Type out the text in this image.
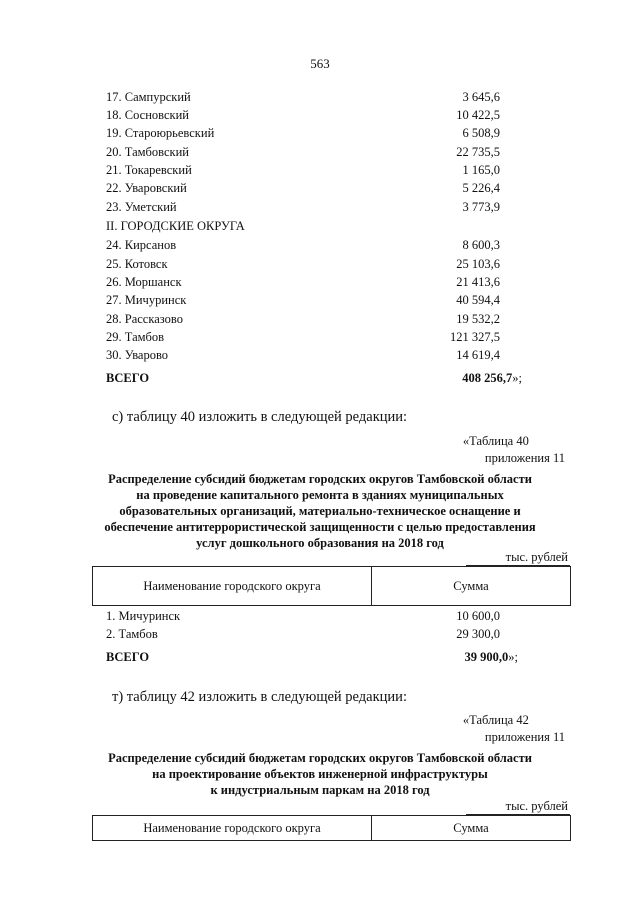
563
17. Сампурский	3 645,6
18. Сосновский	10 422,5
19. Староюрьевский	6 508,9
20. Тамбовский	22 735,5
21. Токаревский	1 165,0
22. Уваровский	5 226,4
23. Уметский	3 773,9
II. ГОРОДСКИЕ ОКРУГА
24. Кирсанов	8 600,3
25. Котовск	25 103,6
26. Моршанск	21 413,6
27. Мичуринск	40 594,4
28. Рассказово	19 532,2
29. Тамбов	121 327,5
30. Уварово	14 619,4
ВСЕГО	408 256,7»;
с) таблицу 40 изложить в следующей редакции:
«Таблица 40
приложения 11
Распределение субсидий бюджетам городских округов Тамбовской области
на проведение капитального ремонта в зданиях муниципальных
образовательных организаций, материально-техническое оснащение и
обеспечение антитеррористической защищенности с целью предоставления
услуг дошкольного образования на 2018 год
тыс. рублей
Наименование городского округа	Сумма
1. Мичуринск	10 600,0
2. Тамбов	29 300,0
ВСЕГО	39 900,0»;
т) таблицу 42 изложить в следующей редакции:
«Таблица 42
приложения 11
Распределение субсидий бюджетам городских округов Тамбовской области
на проектирование объектов инженерной инфраструктуры
к индустриальным паркам на 2018 год
тыс. рублей
Наименование городского округа	Сумма
